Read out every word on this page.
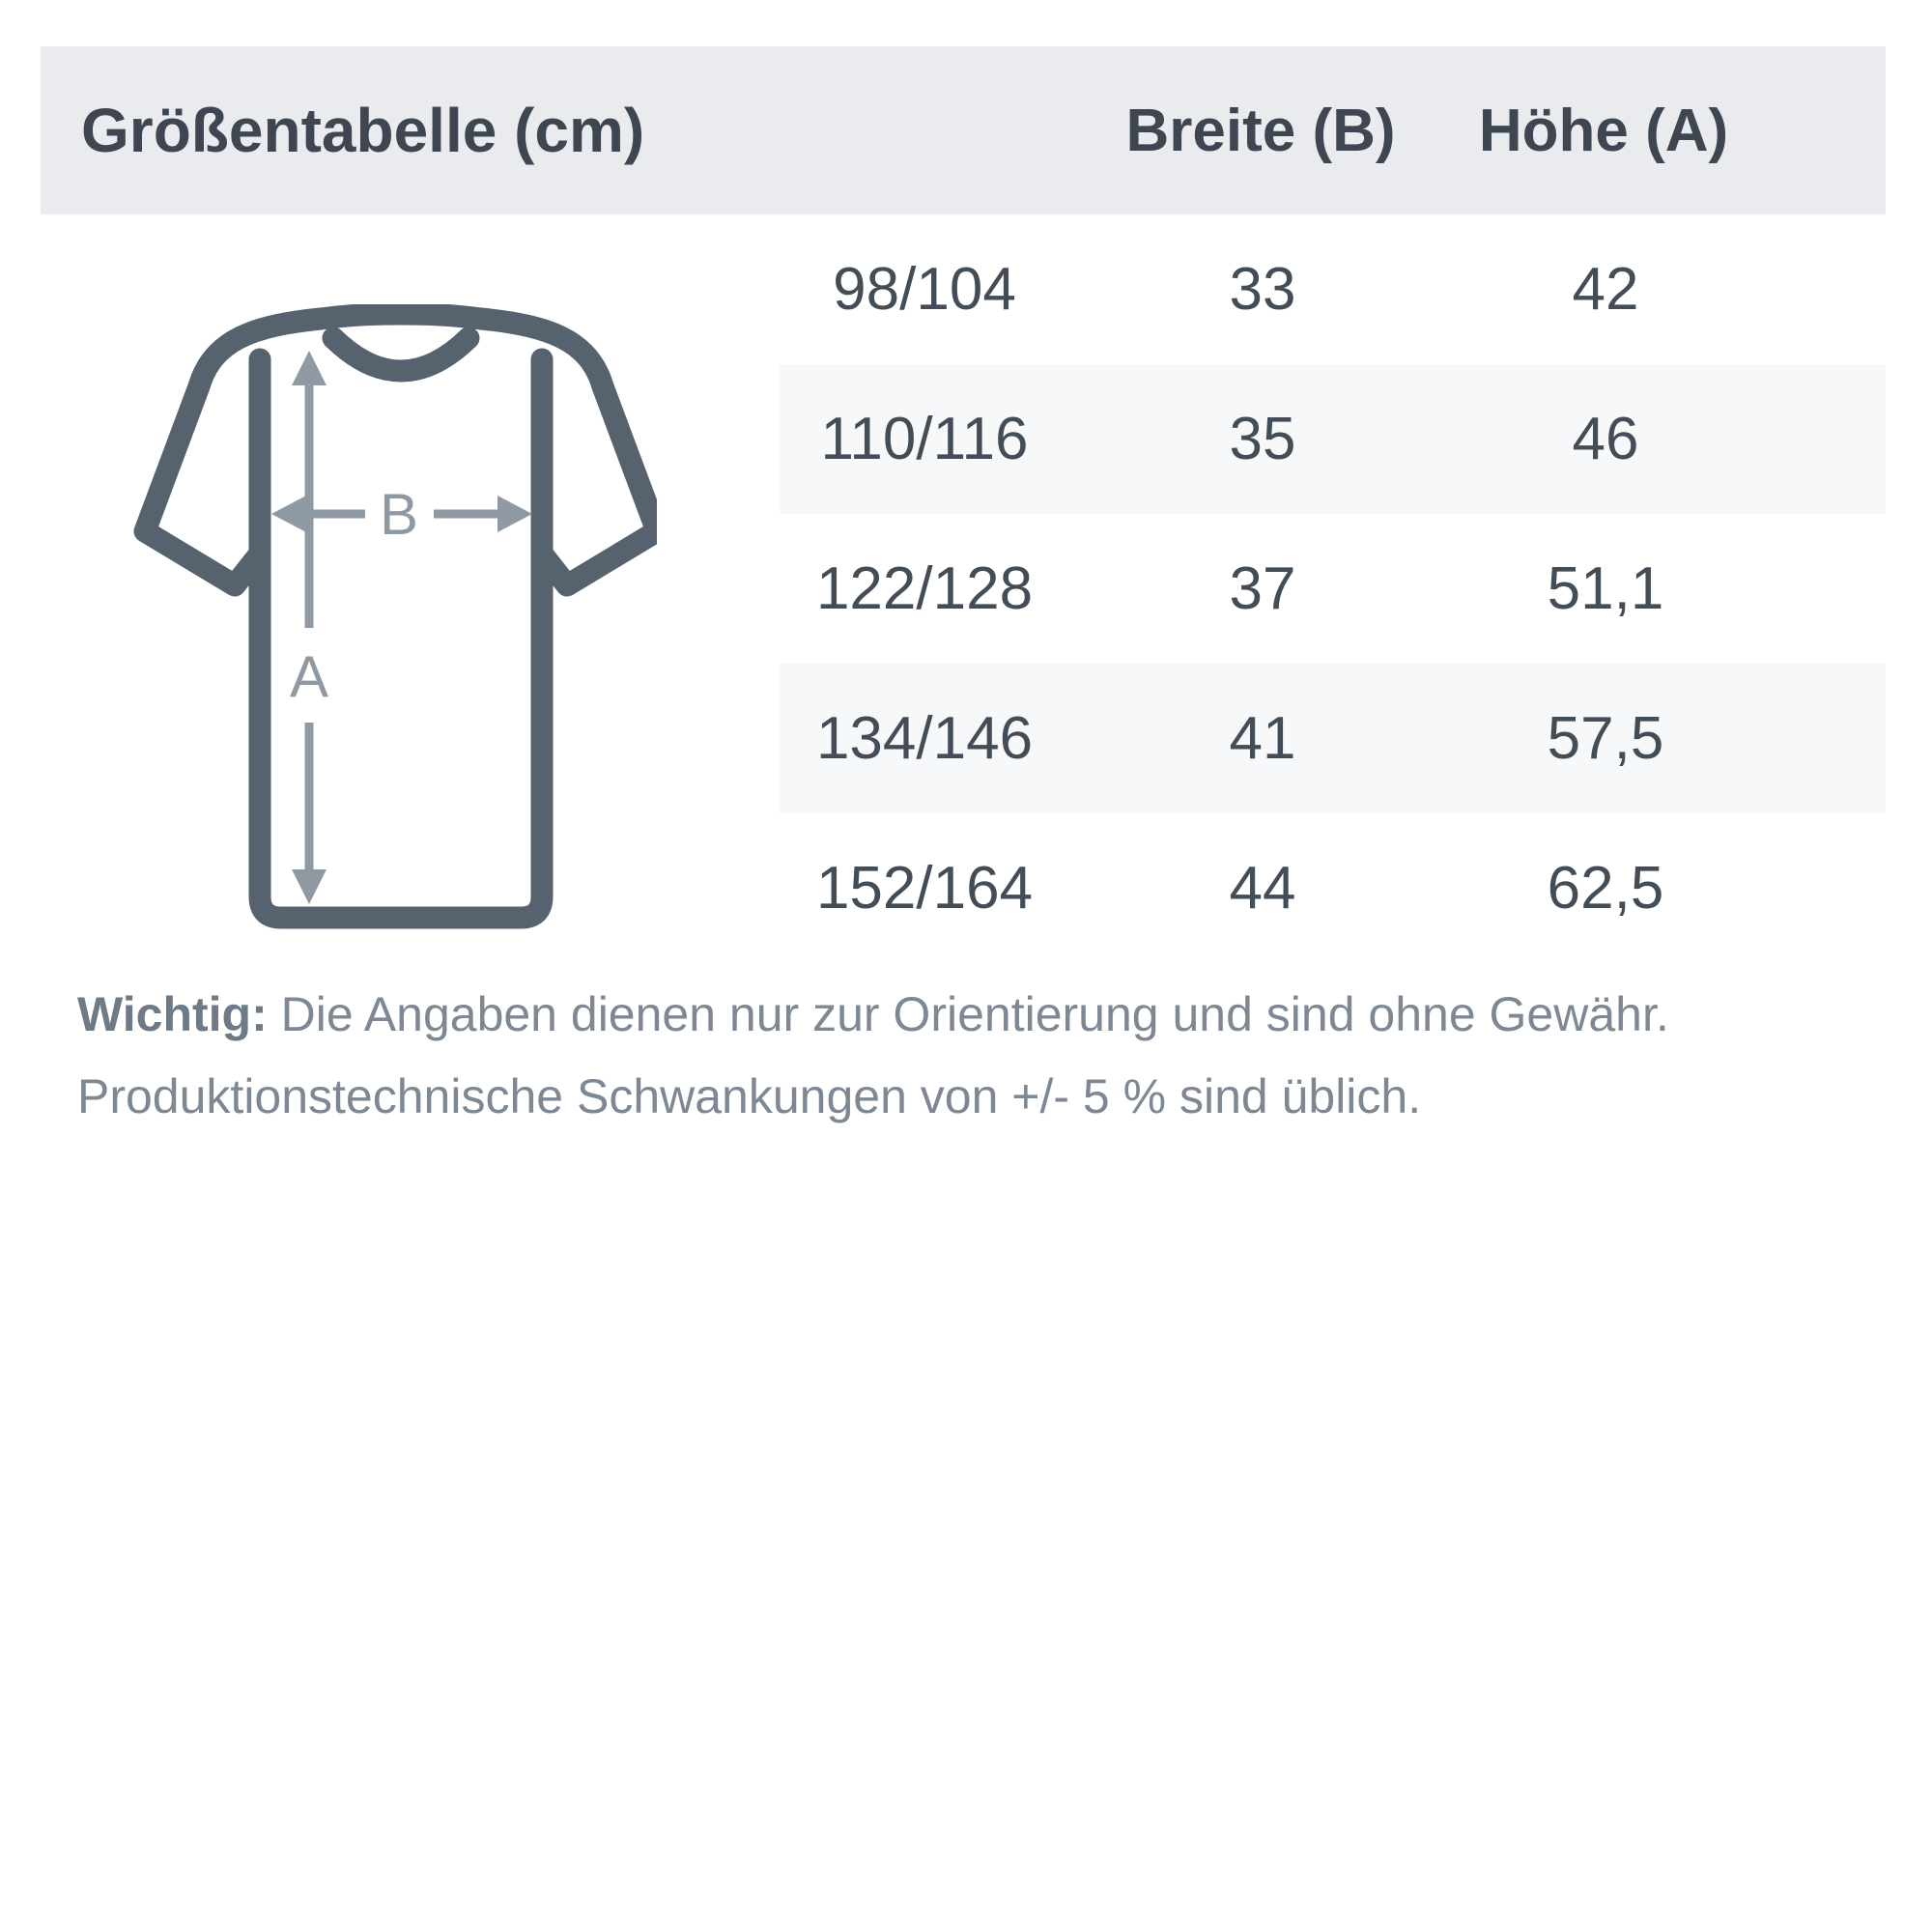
Größentabelle (cm)	Breite (B)	Höhe (A)
98/104	33	42
110/116	35	46
122/128	37	51,1
134/146	41	57,5
152/164	44	62,5
B
A
Wichtig: Die Angaben dienen nur zur Orientierung und sind ohne Gewähr.
Produktionstechnische Schwankungen von +/- 5 % sind üblich.
